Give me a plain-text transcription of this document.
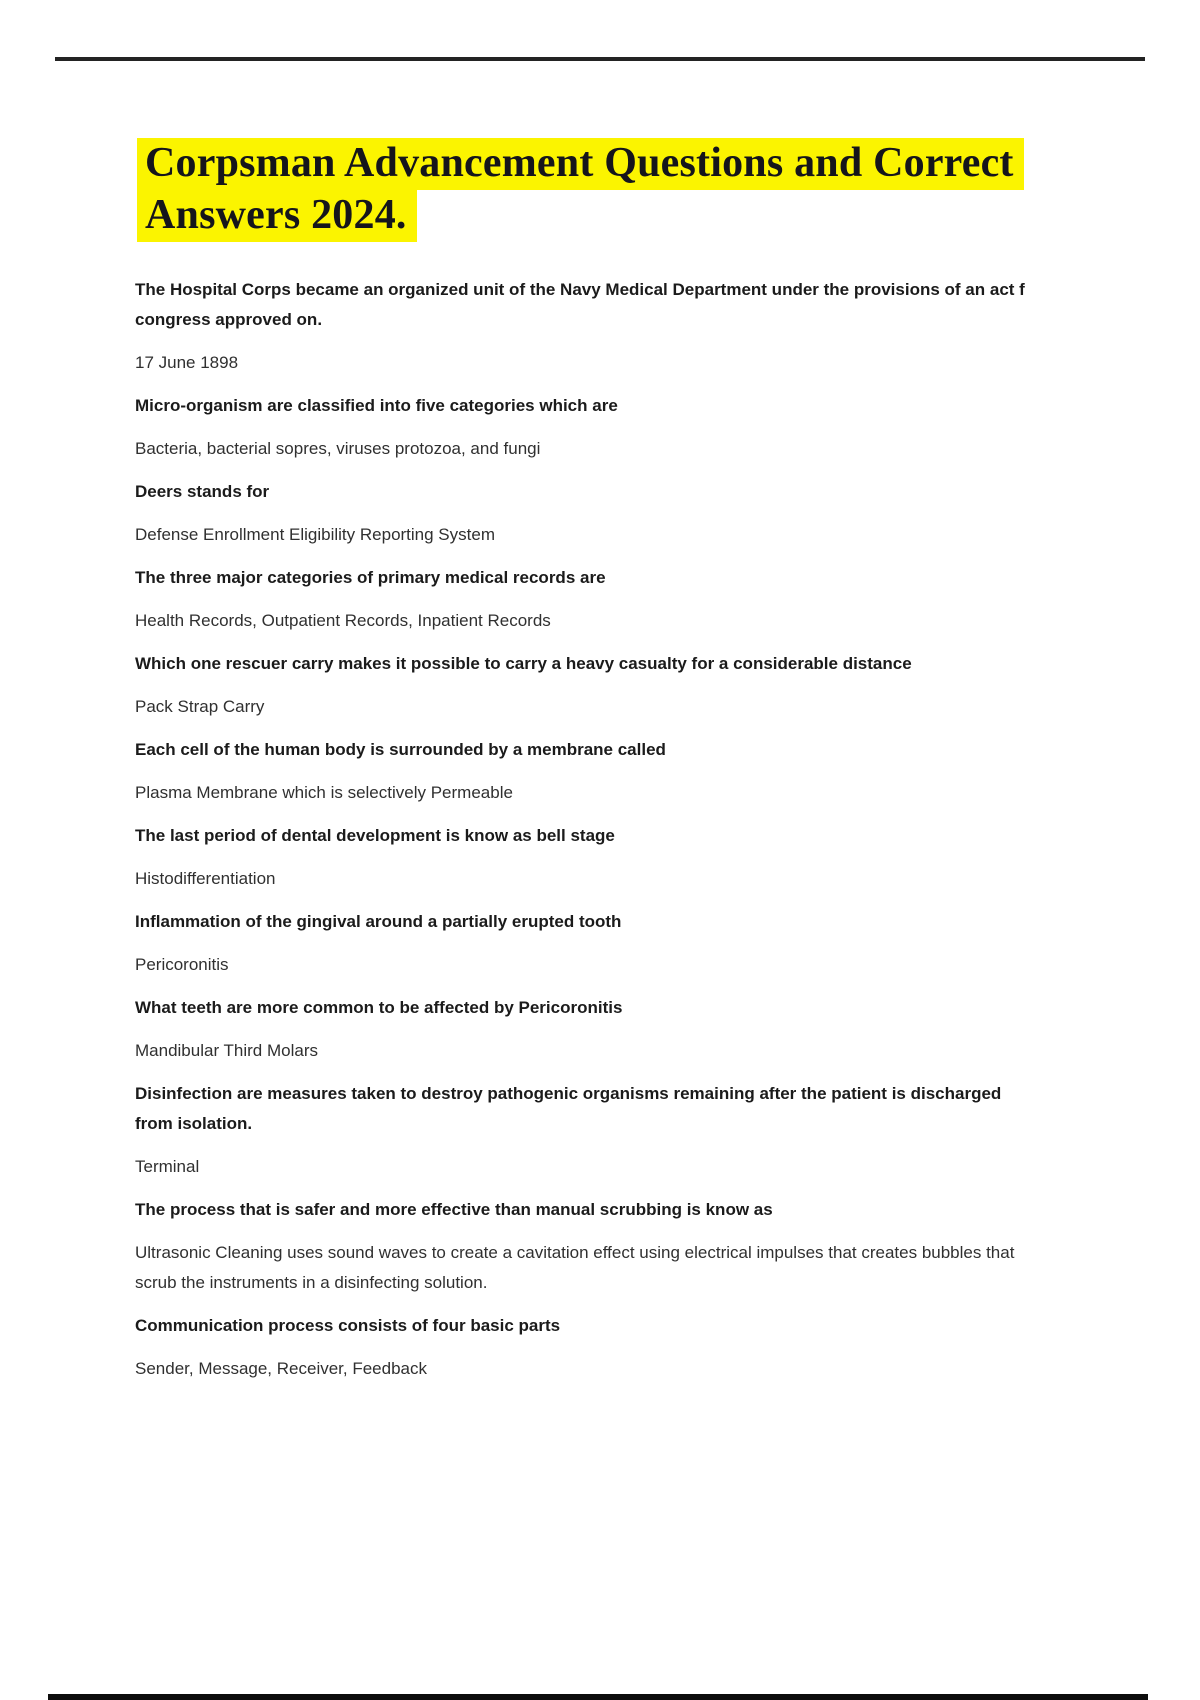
Corpsman Advancement Questions and Correct Answers 2024.

The Hospital Corps became an organized unit of the Navy Medical Department under the provisions of an act f congress approved on.

17 June 1898

Micro-organism are classified into five categories which are

Bacteria, bacterial sopres, viruses protozoa, and fungi

Deers stands for

Defense Enrollment Eligibility Reporting System

The three major categories of primary medical records are

Health Records, Outpatient Records, Inpatient Records

Which one rescuer carry makes it possible to carry a heavy casualty for a considerable distance

Pack Strap Carry

Each cell of the human body is surrounded by a membrane called

Plasma Membrane which is selectively Permeable

The last period of dental development is know as bell stage

Histodifferentiation

Inflammation of the gingival around a partially erupted tooth

Pericoronitis

What teeth are more common to be affected by Pericoronitis

Mandibular Third Molars

Disinfection are measures taken to destroy pathogenic organisms remaining after the patient is discharged from isolation.

Terminal

The process that is safer and more effective than manual scrubbing is know as

Ultrasonic Cleaning uses sound waves to create a cavitation effect using electrical impulses that creates bubbles that scrub the instruments in a disinfecting solution.

Communication process consists of four basic parts

Sender, Message, Receiver, Feedback
